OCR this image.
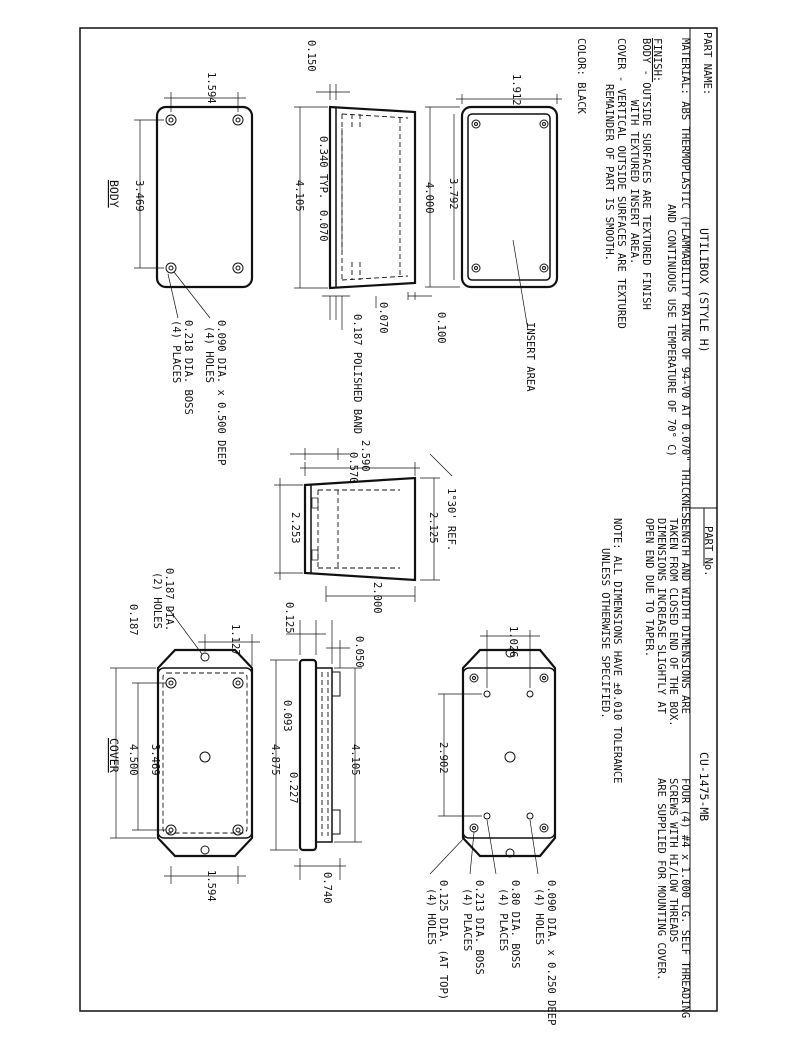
PART NAME:
UTILIBOX (STYLE H)
PART No.
CU-1475-MB
MATERIAL: ABS THERMOPLASTIC (FLAMMABILITY RATING OF 94-V0 AT 0.070" THICKNESS
AND CONTINUOUS USE TEMPERATURE OF 70° C)
FINISH:
BODY - OUTSIDE SURFACES ARE TEXTURED FINISH
WITH TEXTURED INSERT AREA.
COVER - VERTICAL OUTSIDE SURFACES ARE TEXTURED
REMAINDER OF PART IS SMOOTH.
COLOR: BLACK
LENGTH AND WIDTH DIMENSIONS ARE
TAKEN FROM CLOSED END OF THE BOX.
DIMENSIONS INCREASE SLIGHTLY AT
OPEN END DUE TO TAPER.
NOTE: ALL DIMENSIONS HAVE ±0.010 TOLERANCE
UNLESS OTHERWISE SPECIFIED.
FOUR (4) #4 x 1.000 LG. SELF THREADING
SCREWS WITH HI/LOW THREADS
ARE SUPPLIED FOR MOUNTING COVER.
INSERT AREA
1.912
4.000 3.792
0.150
0.340 TYP.
4.105
0.070
0.070	0.100
0.187 POLISHED BAND
1.594
3.469
0.090 DIA. x 0.500 DEEP
(4) HOLES
0.218 DIA. BOSS
(4) PLACES
BODY
2.590
0.570
2.253	2.125 1°30' REF.
2.000
1.026
2.902
0.090 DIA. x 0.250 DEEP
(4) HOLES
0.80 DIA. BOSS
(4) PLACES
0.213 DIA. BOSS
(4) PLACES
0.125 DIA. (AT TOP)
(4) HOLES
0.125
0.050
0.093
4.875
0.227
4.105
0.740
0.187
1.127
3.469
4.500
1.594
0.187 DIA.
(2) HOLES
COVER
